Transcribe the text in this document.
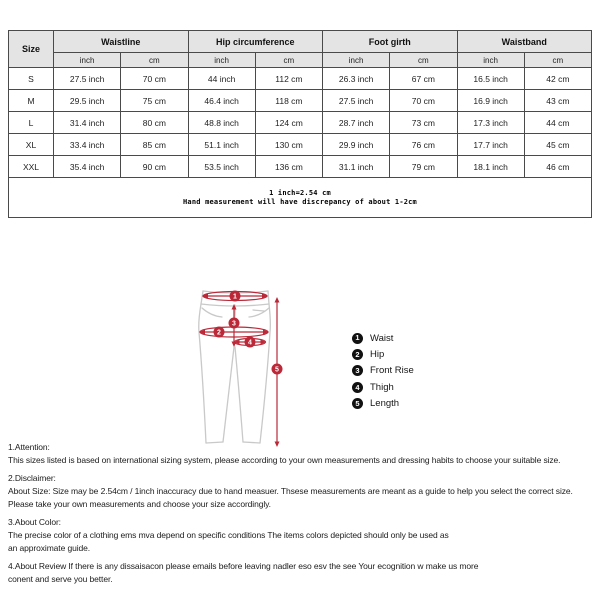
Size	Waistline		Hip circumference		Foot girth		Waistband	
	inch	cm	inch	cm	inch	cm	inch	cm
S	27.5 inch	70 cm	44 inch	112 cm	26.3 inch	67 cm	16.5 inch	42 cm
M	29.5 inch	75 cm	46.4 inch	118 cm	27.5 inch	70 cm	16.9 inch	43 cm
L	31.4 inch	80 cm	48.8 inch	124 cm	28.7 inch	73 cm	17.3 inch	44 cm
XL	33.4 inch	85 cm	51.1 inch	130 cm	29.9 inch	76 cm	17.7 inch	45 cm
XXL	35.4 inch	90 cm	53.5 inch	136 cm	31.1 inch	79 cm	18.1 inch	46 cm

1 inch=2.54 cm
Hand measurement will have discrepancy of about 1-2cm								
1
2
3
4
5
1	Waist
2	Hip
3	Front Rise
4	Thigh
5	Length
1.Attention:
This sizes listed is based on international sizing system, please according to your own measurements and dressing habits to choose your suitable size.
2.Disclaimer:
About Size: Size may be 2.54cm / 1inch inaccuracy due to hand measuer. Thsese measurements are meant as a guide to help you select the correct size.
Please take your own measurements and choose your size accordingly.
3.About Color:
The precise color of a clothing ems mva depend on specific conditions The items colors depicted should only be used as
an approximate guide.
4.About Review If there is any dissaisacon please emails before leaving nadler eso esv the see Your ecognition w make us more
conent and serve you better.
